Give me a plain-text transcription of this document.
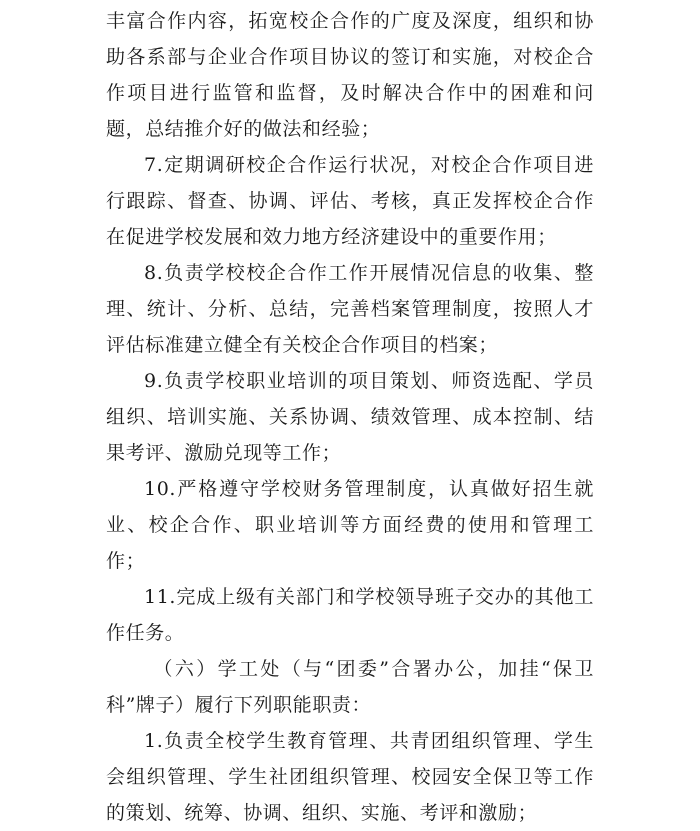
丰富合作内容，拓宽校企合作的广度及深度，组织和协助各系部与企业合作项目协议的签订和实施，对校企合作项目进行监管和监督，及时解决合作中的困难和问题，总结推介好的做法和经验；

7.定期调研校企合作运行状况，对校企合作项目进行跟踪、督查、协调、评估、考核，真正发挥校企合作在促进学校发展和效力地方经济建设中的重要作用；

8.负责学校校企合作工作开展情况信息的收集、整理、统计、分析、总结，完善档案管理制度，按照人才评估标准建立健全有关校企合作项目的档案；

9.负责学校职业培训的项目策划、师资选配、学员组织、培训实施、关系协调、绩效管理、成本控制、结果考评、激励兑现等工作；

10.严格遵守学校财务管理制度，认真做好招生就业、校企合作、职业培训等方面经费的使用和管理工作；

11.完成上级有关部门和学校领导班子交办的其他工作任务。

（六）学工处（与“团委”合署办公，加挂“保卫科”牌子）履行下列职能职责：

1.负责全校学生教育管理、共青团组织管理、学生会组织管理、学生社团组织管理、校园安全保卫等工作的策划、统筹、协调、组织、实施、考评和激励；
